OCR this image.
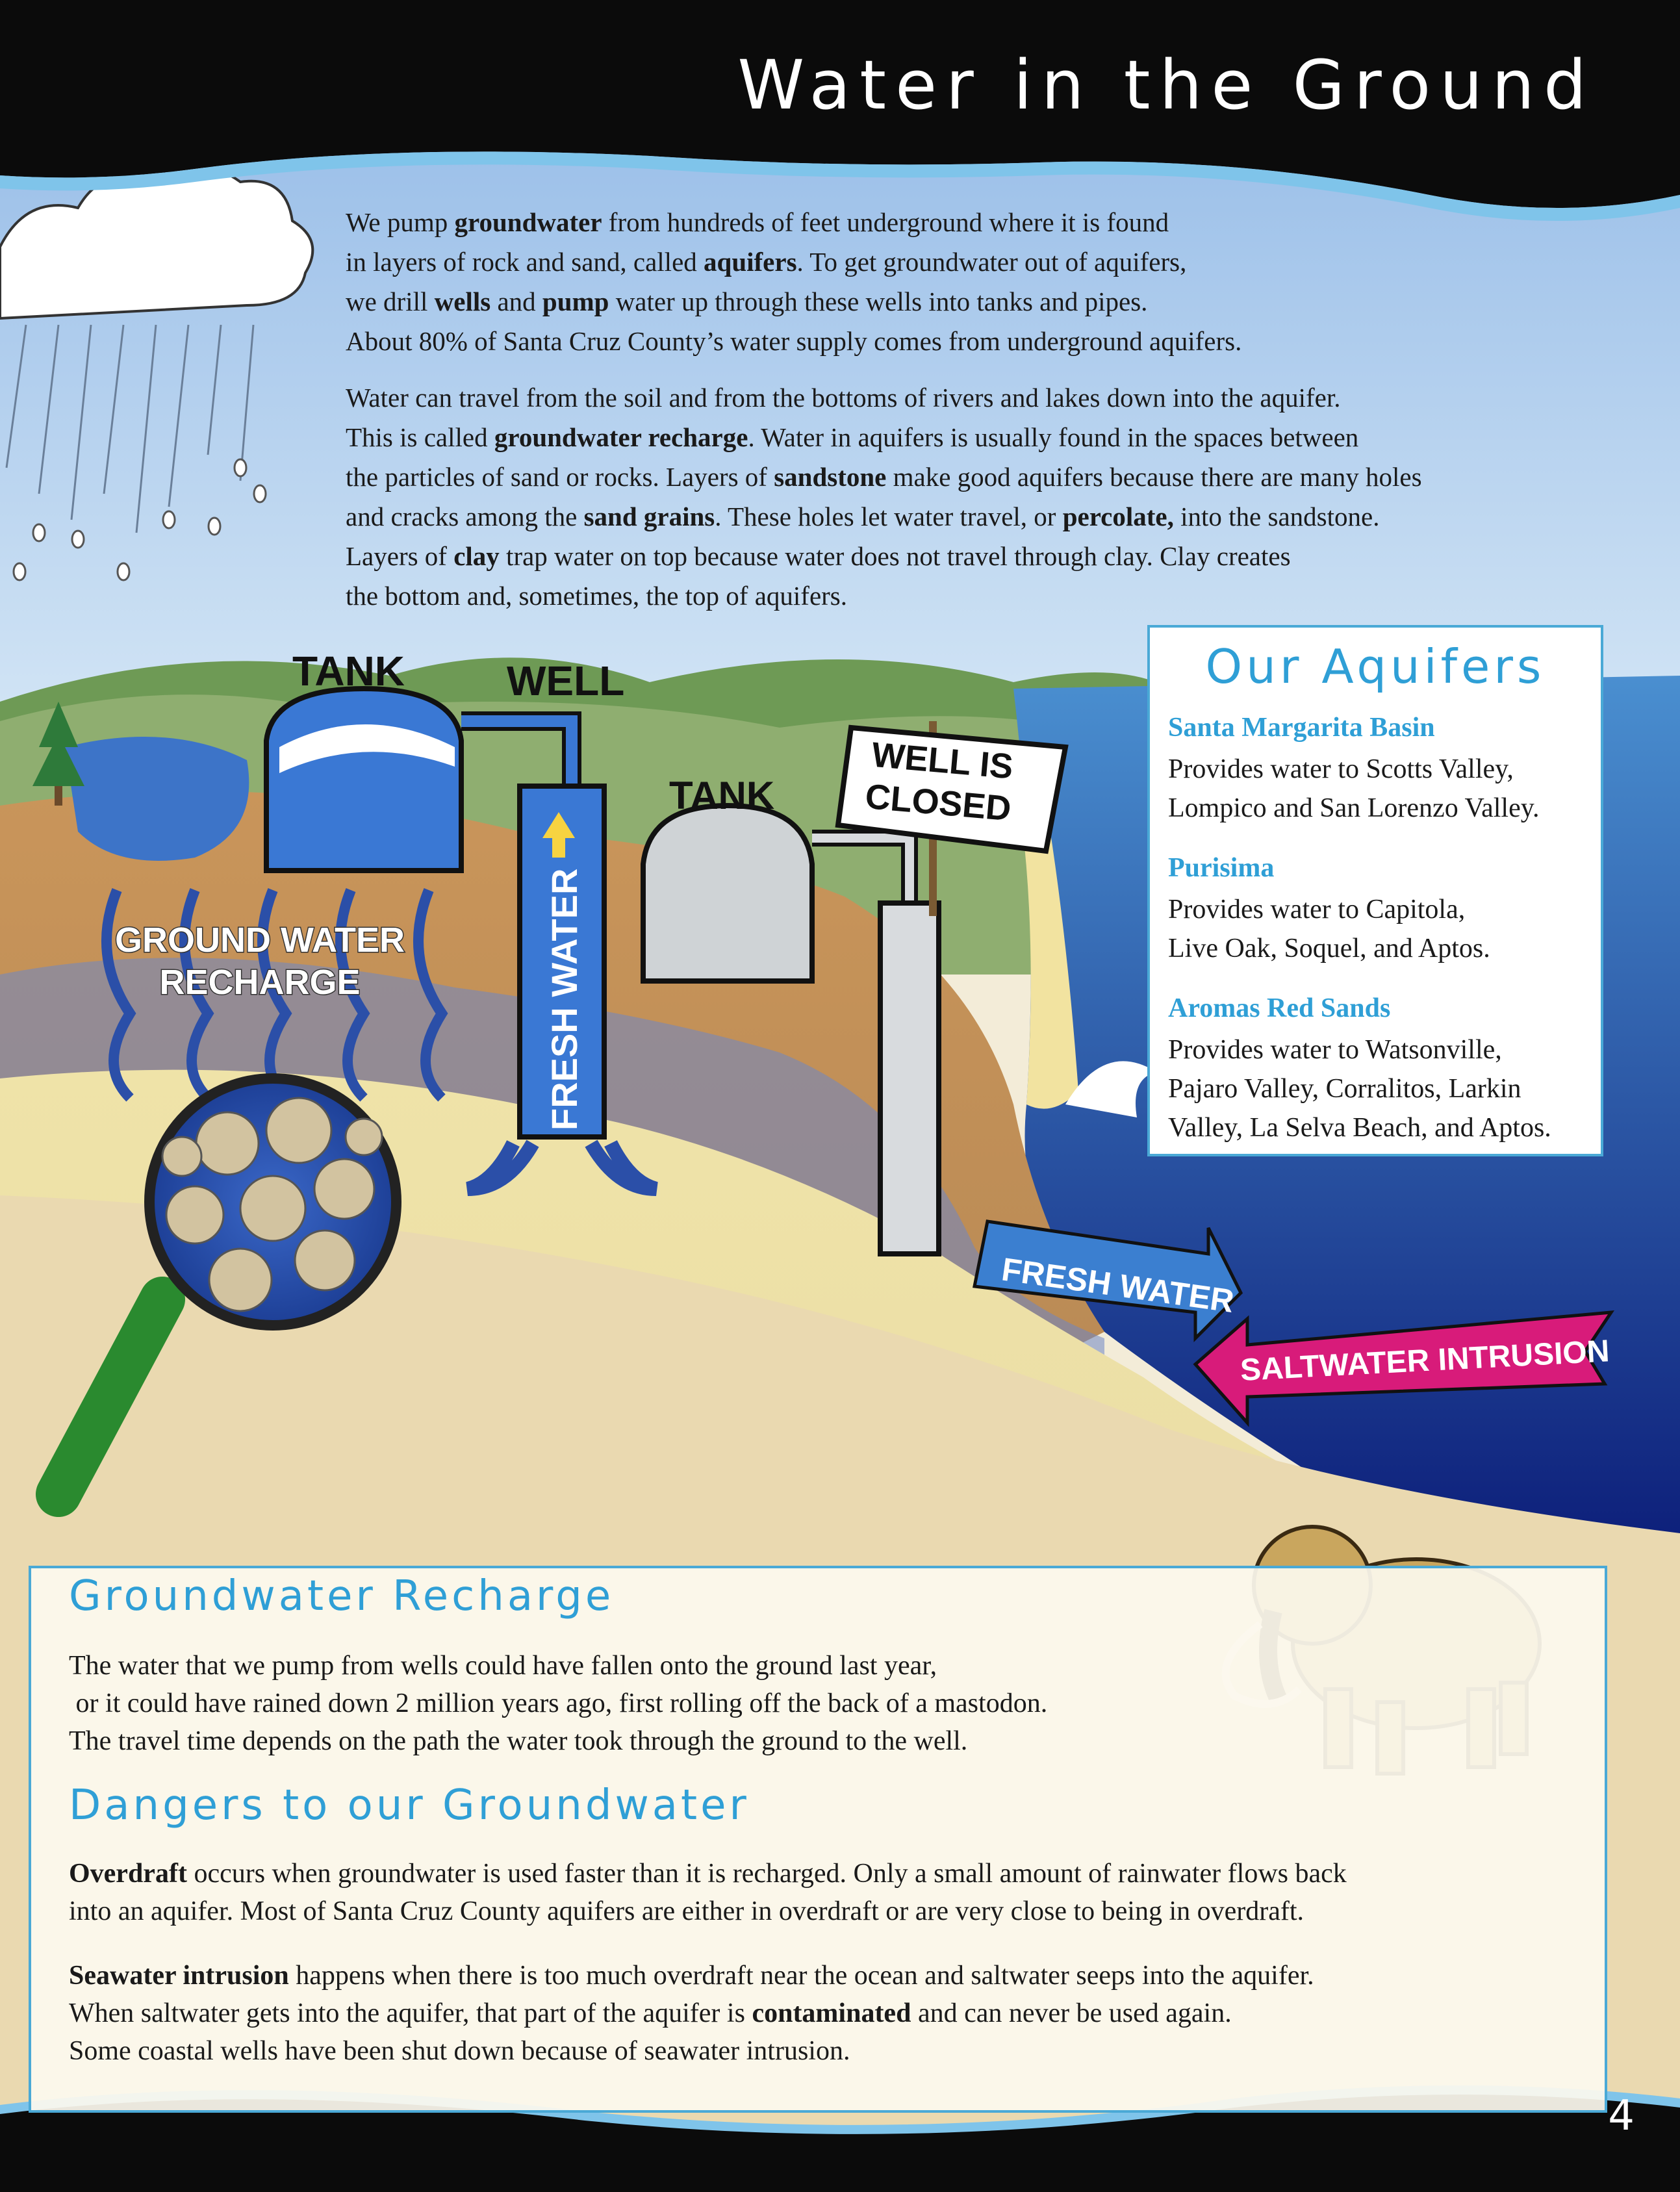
TANK WELL
TANK
WELL IS
CLOSED
GROUND WATER
RECHARGE	FRESH WATER
FRESH WATER
SALTWATER INTRUSION
Water in the Ground

We pump groundwater from hundreds of feet underground where it is found

in layers of rock and sand, called aquifers. To get groundwater out of aquifers,

we drill wells and pump water up through these wells into tanks and pipes.

About 80% of Santa Cruz County’s water supply comes from underground aquifers.

Water can travel from the soil and from the bottoms of rivers and lakes down into the aquifer.

This is called groundwater recharge. Water in aquifers is usually found in the spaces between

the particles of sand or rocks. Layers of sandstone make good aquifers because there are many holes

and cracks among the sand grains. These holes let water travel, or percolate, into the sandstone.

Layers of clay trap water on top because water does not travel through clay. Clay creates

the bottom and, sometimes, the top of aquifers.

Our Aquifers
Santa Margarita Basin
Provides water to Scotts Valley,
Lompico and San Lorenzo Valley.
Purisima
Provides water to Capitola,
Live Oak, Soquel, and Aptos.
Aromas Red Sands
Provides water to Watsonville,
Pajaro Valley, Corralitos, Larkin
Valley, La Selva Beach, and Aptos.
Groundwater Recharge
The water that we pump from wells could have fallen onto the ground last year,
or it could have rained down 2 million years ago, first rolling off the back of a mastodon.
The travel time depends on the path the water took through the ground to the well.
Dangers to our Groundwater
Overdraft occurs when groundwater is used faster than it is recharged. Only a small amount of rainwater flows back
into an aquifer. Most of Santa Cruz County aquifers are either in overdraft or are very close to being in overdraft.
Seawater intrusion happens when there is too much overdraft near the ocean and saltwater seeps into the aquifer.
When saltwater gets into the aquifer, that part of the aquifer is contaminated and can never be used again.
Some coastal wells have been shut down because of seawater intrusion.
4
